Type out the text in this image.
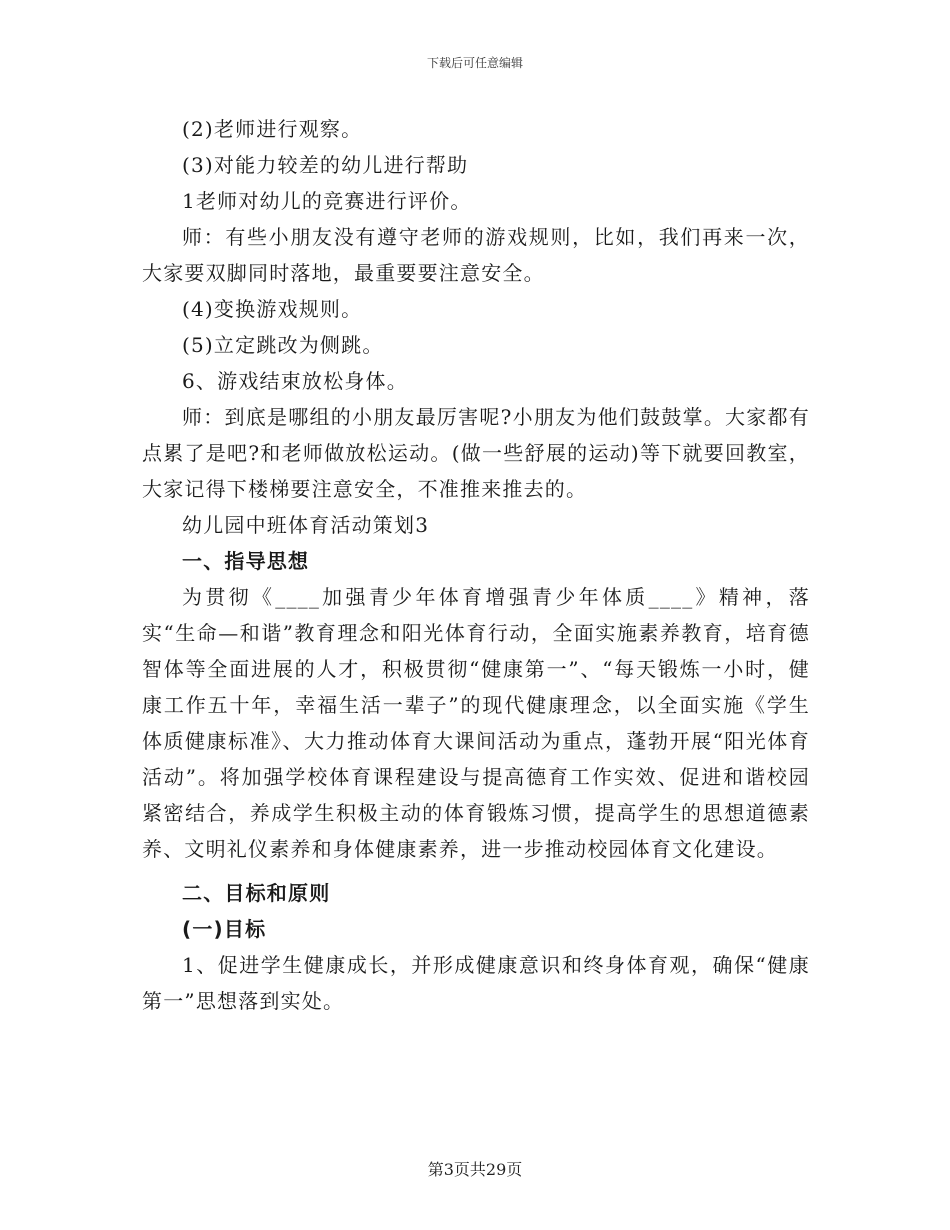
下载后可任意编辑

(2)老师进行观察。

(3)对能力较差的幼儿进行帮助

1老师对幼儿的竞赛进行评价。

师：有些小朋友没有遵守老师的游戏规则，比如，我们再来一次，大家要双脚同时落地，最重要要注意安全。

(4)变换游戏规则。

(5)立定跳改为侧跳。

6、游戏结束放松身体。

师：到底是哪组的小朋友最厉害呢?小朋友为他们鼓鼓掌。大家都有点累了是吧?和老师做放松运动。(做一些舒展的运动)等下就要回教室，大家记得下楼梯要注意安全，不准推来推去的。

幼儿园中班体育活动策划3

一、指导思想

为贯彻《____加强青少年体育增强青少年体质____》精神，落实“生命—和谐”教育理念和阳光体育行动，全面实施素养教育，培育德智体等全面进展的人才，积极贯彻“健康第一”、“每天锻炼一小时，健康工作五十年，幸福生活一辈子”的现代健康理念，以全面实施《学生体质健康标准》、大力推动体育大课间活动为重点，蓬勃开展“阳光体育活动”。将加强学校体育课程建设与提高德育工作实效、促进和谐校园紧密结合，养成学生积极主动的体育锻炼习惯，提高学生的思想道德素养、文明礼仪素养和身体健康素养，进一步推动校园体育文化建设。

二、目标和原则

(一)目标

1、促进学生健康成长，并形成健康意识和终身体育观，确保“健康第一”思想落到实处。

第3页共29页
